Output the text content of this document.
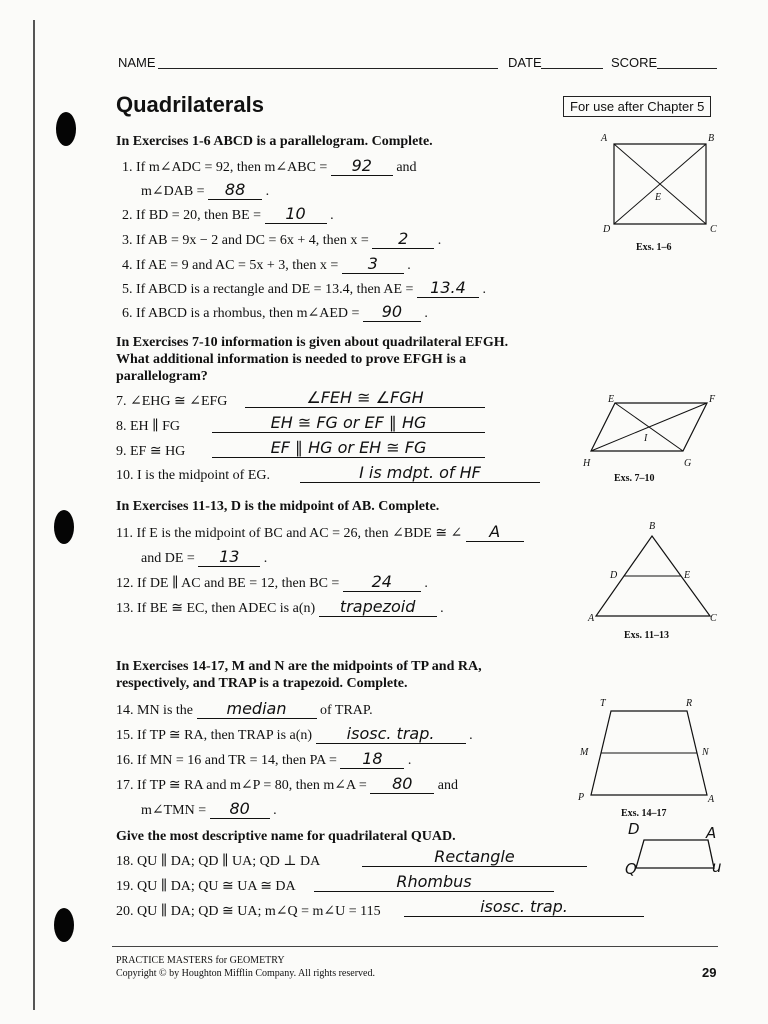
NAME	DATE	SCORE
Quadrilaterals	For use after Chapter 5
In Exercises 1-6 ABCD is a parallelogram. Complete.
1. If m∠ADC = 92, then m∠ABC = 92 and
m∠DAB = 88 .
2. If BD = 20, then BE = 10 .
3. If AB = 9x − 2 and DC = 6x + 4, then x = 2 .
4. If AE = 9 and AC = 5x + 3, then x = 3 .
5. If ABCD is a rectangle and DE = 13.4, then AE = 13.4 .
6. If ABCD is a rhombus, then m∠AED = 90 .
A	B
C
D
E
Exs. 1–6
In Exercises 7-10 information is given about quadrilateral EFGH.
What additional information is needed to prove EFGH is a
parallelogram?
7. ∠EHG ≅ ∠EFG	∠FEH ≅ ∠FGH
8. EH ∥ FG	EH ≅ FG or EF ∥ HG
9. EF ≅ HG	EF ∥ HG or EH ≅ FG
10. I is the midpoint of EG.	I is mdpt. of HF
E	F
G
H
I
Exs. 7–10
In Exercises 11-13, D is the midpoint of AB. Complete.
11. If E is the midpoint of BC and AC = 26, then ∠BDE ≅ ∠ A
and DE = 13 .
12. If DE ∥ AC and BE = 12, then BC = 24 .
13. If BE ≅ EC, then ADEC is a(n) trapezoid .
B
D	E
A	C
Exs. 11–13
In Exercises 14-17, M and N are the midpoints of TP and RA,
respectively, and TRAP is a trapezoid. Complete.
14. MN is the median of TRAP.
15. If TP ≅ RA, then TRAP is a(n) isosc. trap. .
16. If MN = 16 and TR = 14, then PA = 18 .
17. If TP ≅ RA and m∠P = 80, then m∠A = 80 and
m∠TMN = 80 .
T	R
M	N
P	A
Exs. 14–17
Give the most descriptive name for quadrilateral QUAD.
18. QU ∥ DA; QD ∥ UA; QD ⊥ DA	Rectangle
19. QU ∥ DA; QU ≅ UA ≅ DA	Rhombus
20. QU ∥ DA; QD ≅ UA; m∠Q = m∠U = 115	isosc. trap.
D	A
Q	u
PRACTICE MASTERS for GEOMETRY
Copyright © by Houghton Mifflin Company. All rights reserved.	29
